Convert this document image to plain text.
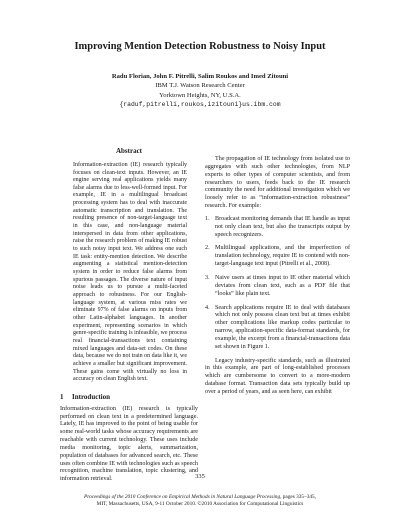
Improving Mention Detection Robustness to Noisy Input
Radu Florian, John F. Pitrelli, Salim Roukos and Imed Zitouni
IBM T.J. Watson Research Center
Yorktown Heights, NY, U.S.A.
{raduf,pitrelli,roukos,izitouni}us.ibm.com
Abstract

Information-extraction (IE) research typically focuses on clean-text inputs. However, an IE engine serving real applications yields many false alarms due to less-well-formed input. For example, IE in a multilingual broadcast processing system has to deal with inaccurate automatic transcription and translation. The resulting presence of non-target-language text in this case, and non-language material interspersed in data from other applications, raise the research problem of making IE robust to such noisy input text. We address one such IE task: entity-mention detection. We describe augmenting a statistical mention-detection system in order to reduce false alarms from spurious passages. The diverse nature of input noise leads us to pursue a multi-faceted approach to robustness. For our English-language system, at various miss rates we eliminate 97% of false alarms on inputs from other Latin-alphabet languages. In another experiment, representing scenarios in which genre-specific training is infeasible, we process real financial-transactions text containing mixed languages and data-set codes. On these data, because we do not train on data like it, we achieve a smaller but significant improvement. These gains come with virtually no loss in accuracy on clean English text.

1 Introduction

Information-extraction (IE) research is typically performed on clean text in a predetermined language. Lately, IE has improved to the point of being usable for some real-world tasks whose accuracy requirements are reachable with current technology. These uses include media monitoring, topic alerts, summarization, population of databases for advanced search, etc. These uses often combine IE with technologies such as speech recognition, machine translation, topic clustering, and information retrieval.

The propagation of IE technology from isolated use to aggregates with such other technologies, from NLP experts to other types of computer scientists, and from researchers to users, feeds back to the IE research community the need for additional investigation which we loosely refer to as “information-extraction robustness” research. For example:

1. Broadcast monitoring demands that IE handle as input not only clean text, but also the transcripts output by speech recognizers.
2. Multilingual applications, and the imperfection of translation technology, require IE to contend with non-target-language text input (Pitrelli et al., 2008).
3. Naive users at times input to IE other material which deviates from clean text, such as a PDF file that “looks” like plain text.
4. Search applications require IE to deal with databases which not only possess clean text but at times exhibit other complications like markup codes particular to narrow, application-specific data-format standards, for example, the excerpt from a financial-transactions data set shown in Figure 1.

Legacy industry-specific standards, such as illustrated in this example, are part of long-established processes which are cumbersome to convert to a more-modern database format. Transaction data sets typically build up over a period of years, and as seen here, can exhibit

335
Proceedings of the 2010 Conference on Empirical Methods in Natural Language Processing, pages 335–345,
MIT, Massachusetts, USA, 9-11 October 2010. ©2010 Association for Computational Linguistics
